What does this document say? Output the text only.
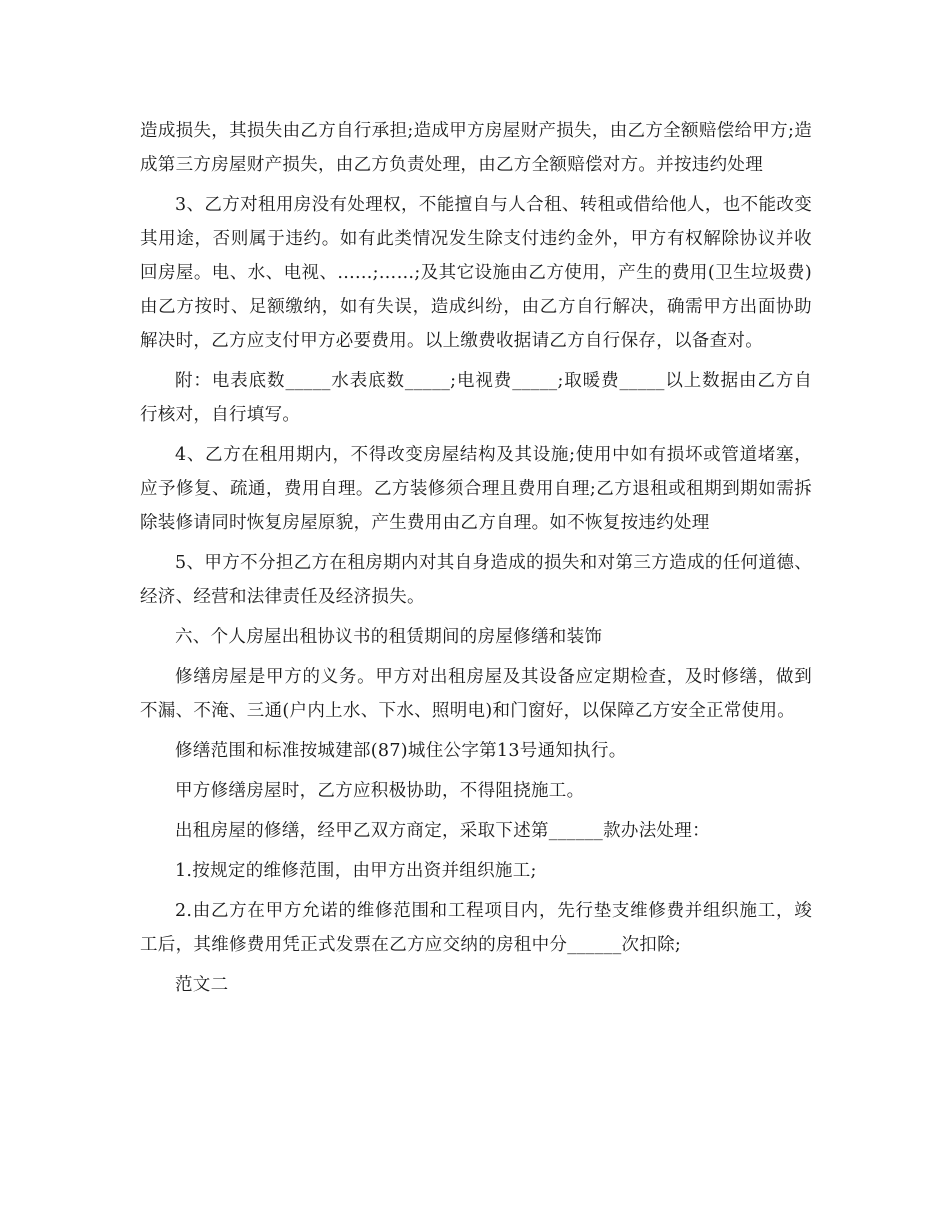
造成损失，其损失由乙方自行承担;造成甲方房屋财产损失，由乙方全额赔偿给甲方;造成第三方房屋财产损失，由乙方负责处理，由乙方全额赔偿对方。并按违约处理

3、乙方对租用房没有处理权，不能擅自与人合租、转租或借给他人，也不能改变其用途，否则属于违约。如有此类情况发生除支付违约金外，甲方有权解除协议并收回房屋。电、水、电视、......;……;及其它设施由乙方使用，产生的费用(卫生垃圾费)由乙方按时、足额缴纳，如有失误，造成纠纷，由乙方自行解决，确需甲方出面协助解决时，乙方应支付甲方必要费用。以上缴费收据请乙方自行保存，以备查对。

附：电表底数_____水表底数_____;电视费_____;取暖费_____以上数据由乙方自行核对，自行填写。

4、乙方在租用期内，不得改变房屋结构及其设施;使用中如有损坏或管道堵塞，应予修复、疏通，费用自理。乙方装修须合理且费用自理;乙方退租或租期到期如需拆除装修请同时恢复房屋原貌，产生费用由乙方自理。如不恢复按违约处理

5、甲方不分担乙方在租房期内对其自身造成的损失和对第三方造成的任何道德、经济、经营和法律责任及经济损失。

六、个人房屋出租协议书的租赁期间的房屋修缮和装饰

修缮房屋是甲方的义务。甲方对出租房屋及其设备应定期检查，及时修缮，做到不漏、不淹、三通(户内上水、下水、照明电)和门窗好，以保障乙方安全正常使用。

修缮范围和标准按城建部(87)城住公字第13号通知执行。

甲方修缮房屋时，乙方应积极协助，不得阻挠施工。

出租房屋的修缮，经甲乙双方商定，采取下述第______款办法处理：

1.按规定的维修范围，由甲方出资并组织施工;

2.由乙方在甲方允诺的维修范围和工程项目内，先行垫支维修费并组织施工，竣工后，其维修费用凭正式发票在乙方应交纳的房租中分______次扣除;

范文二
